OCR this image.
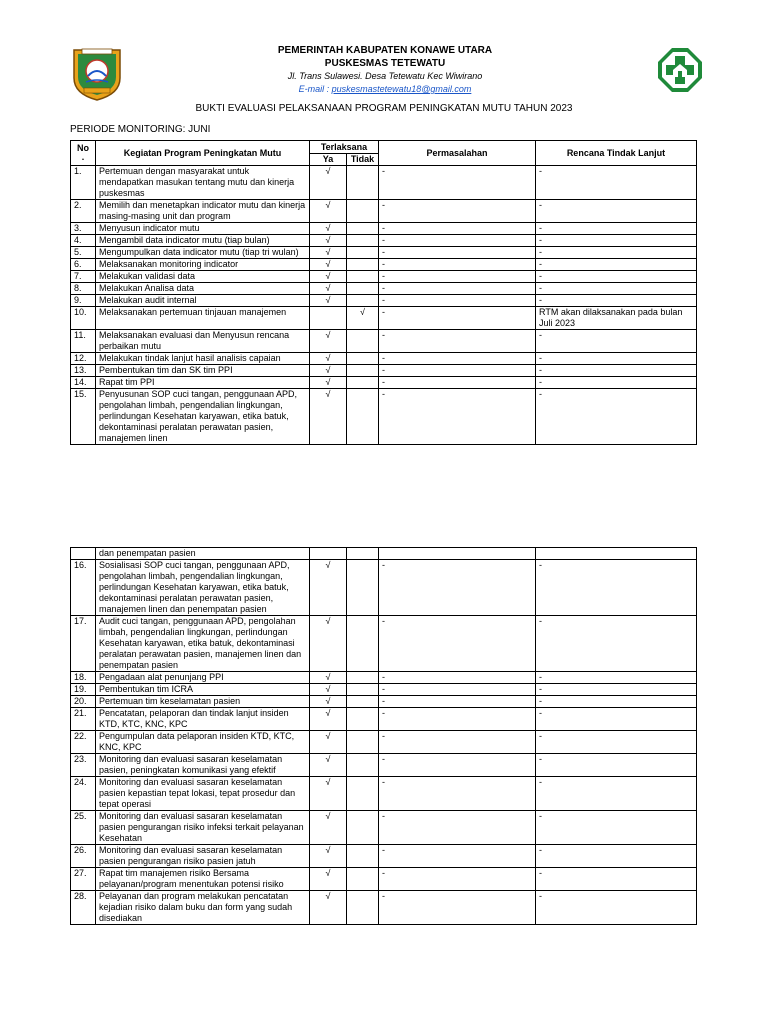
PEMERINTAH KABUPATEN KONAWE UTARA
PUSKESMAS TETEWATU
Jl. Trans Sulawesi. Desa Tetewatu Kec Wiwirano
E-mail : puskesmastetewatu18@gmail.com
BUKTI EVALUASI PELAKSANAAN PROGRAM PENINGKATAN MUTU TAHUN 2023
PERIODE MONITORING: JUNI
No
.	Kegiatan Program Peningkatan Mutu	Terlaksana		Permasalahan	Rencana Tindak Lanjut
		Ya	Tidak		
1.	Pertemuan dengan masyarakat untuk mendapatkan masukan tentang mutu dan kinerja puskesmas	√		-	-
2.	Memilih dan menetapkan indicator mutu dan kinerja masing-masing unit dan program	√		-	-
3.	Menyusun indicator mutu	√		-	-
4.	Mengambil data indicator mutu (tiap bulan)	√		-	-
5.	Mengumpulkan data indicator mutu (tiap tri wulan)	√		-	-
6.	Melaksanakan monitoring indicator	√		-	-
7.	Melakukan validasi data	√		-	-
8.	Melakukan Analisa data	√		-	-
9.	Melakukan audit internal	√		-	-
10.	Melaksanakan pertemuan tinjauan manajemen		√	-	RTM akan dilaksanakan pada bulan Juli 2023
11.	Melaksanakan evaluasi dan Menyusun rencana perbaikan mutu	√		-	-
12.	Melakukan tindak lanjut hasil analisis capaian	√		-	-
13.	Pembentukan tim dan SK tim PPI	√		-	-
14.	Rapat tim PPI	√		-	-
15.	Penyusunan SOP cuci tangan, penggunaan APD, pengolahan limbah, pengendalian lingkungan, perlindungan Kesehatan karyawan, etika batuk, dekontaminasi peralatan perawatan pasien, manajemen linen	√		-	-
	dan penempatan pasien				
16.	Sosialisasi SOP cuci tangan, penggunaan APD, pengolahan limbah, pengendalian lingkungan, perlindungan Kesehatan karyawan, etika batuk, dekontaminasi peralatan perawatan pasien, manajemen linen dan penempatan pasien	√		-	-
17.	Audit cuci tangan, penggunaan APD, pengolahan limbah, pengendalian lingkungan, perlindungan Kesehatan karyawan, etika batuk, dekontaminasi peralatan perawatan pasien, manajemen linen dan penempatan pasien	√		-	-
18.	Pengadaan alat penunjang PPI	√		-	-
19.	Pembentukan tim ICRA	√		-	-
20.	Pertemuan tim keselamatan pasien	√		-	-
21.	Pencatatan, pelaporan dan tindak lanjut insiden KTD, KTC, KNC, KPC	√		-	-
22.	Pengumpulan data pelaporan insiden KTD, KTC, KNC, KPC	√		-	-
23.	Monitoring dan evaluasi sasaran keselamatan pasien, peningkatan komunikasi yang efektif	√		-	-
24.	Monitoring dan evaluasi sasaran keselamatan pasien kepastian tepat lokasi, tepat prosedur dan tepat operasi	√		-	-
25.	Monitoring dan evaluasi sasaran keselamatan pasien pengurangan risiko infeksi terkait pelayanan Kesehatan	√		-	-
26.	Monitoring dan evaluasi sasaran keselamatan pasien pengurangan risiko pasien jatuh	√		-	-
27.	Rapat tim manajemen risiko Bersama pelayanan/program menentukan potensi risiko	√		-	-
28.	Pelayanan dan program melakukan pencatatan kejadian risiko dalam buku dan form yang sudah disediakan	√		-	-
